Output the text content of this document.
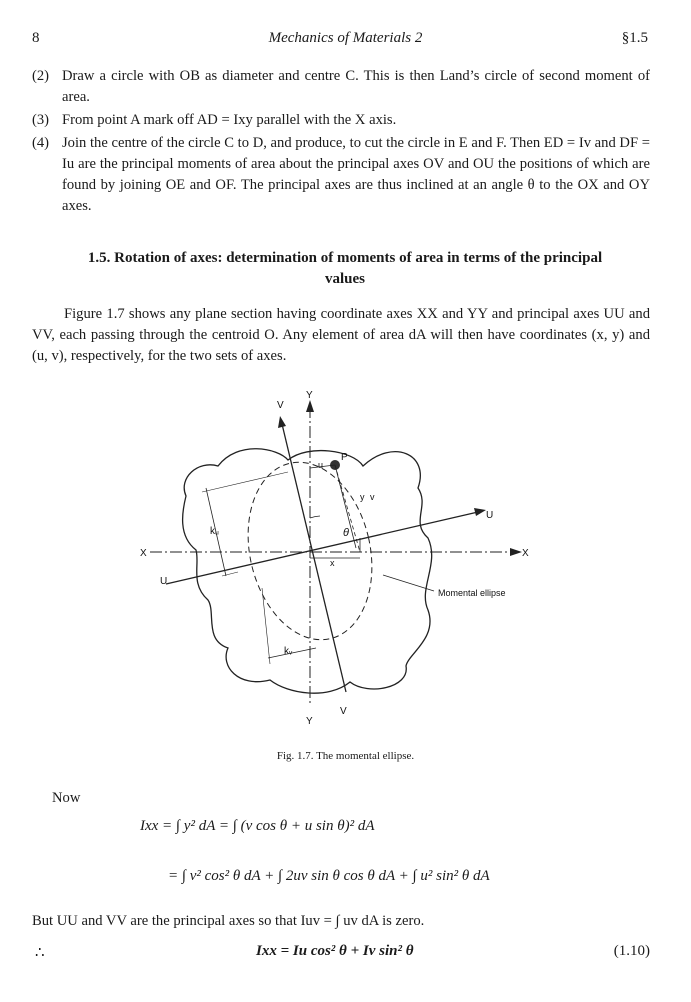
8	Mechanics of Materials 2	§1.5
(2) Draw a circle with OB as diameter and centre C. This is then Land’s circle of second moment of area.
(3) From point A mark off AD = Ixy parallel with the X axis.
(4) Join the centre of the circle C to D, and produce, to cut the circle in E and F. Then ED = Iv and DF = Iu are the principal moments of area about the principal axes OV and OU the positions of which are found by joining OE and OF. The principal axes are thus inclined at an angle θ to the OX and OY axes.
1.5. Rotation of axes: determination of moments of area in terms of the principal values
Figure 1.7 shows any plane section having coordinate axes XX and YY and principal axes UU and VV, each passing through the centroid O. Any element of area dA will then have coordinates (x, y) and (u, v), respectively, for the two sets of axes.
V
Y
P
u
U
X	X
U
Y
V
kᵤ
kᵥ
θ
y v
x
Momental ellipse
Fig. 1.7. The momental ellipse.
Now
Ixx = ∫ y² dA = ∫ (v cos θ + u sin θ)² dA
= ∫ v² cos² θ dA + ∫ 2uv sin θ cos θ dA + ∫ u² sin² θ dA
But UU and VV are the principal axes so that Iuv = ∫ uv dA is zero.
∴	Ixx = Iu cos² θ + Iv sin² θ	(1.10)
